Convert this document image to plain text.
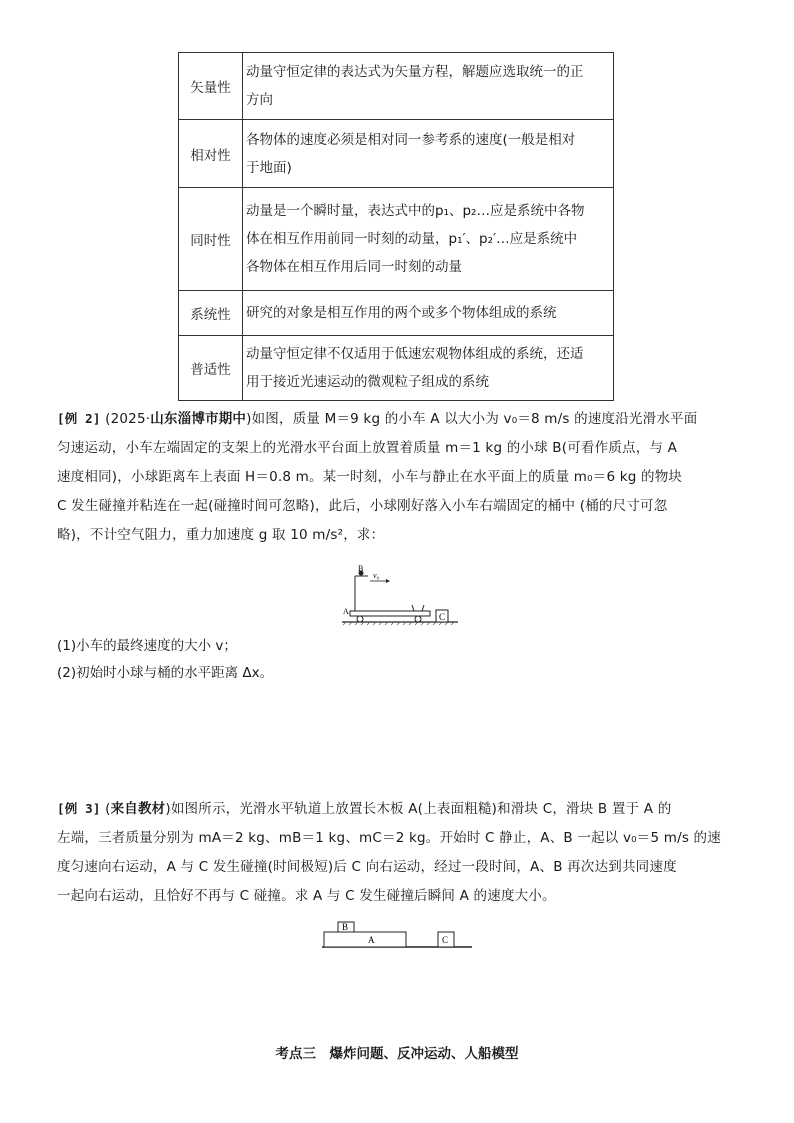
矢量性	动量守恒定律的表达式为矢量方程，解题应选取统一的正
方向

相对性	各物体的速度必须是相对同一参考系的速度(一般是相对
于地面)

同时性	动量是一个瞬时量，表达式中的p₁、p₂…应是系统中各物
体在相互作用前同一时刻的动量，p₁′、p₂′…应是系统中
各物体在相互作用后同一时刻的动量

系统性	研究的对象是相互作用的两个或多个物体组成的系统

普适性	动量守恒定律不仅适用于低速宏观物体组成的系统，还适
用于接近光速运动的微观粒子组成的系统
[例 2] (2025·山东淄博市期中)如图，质量 M＝9 kg 的小车 A 以大小为 v₀＝8 m/s 的速度沿光滑水平面
匀速运动，小车左端固定的支架上的光滑水平台面上放置着质量 m＝1 kg 的小球 B(可看作质点，与 A
速度相同)，小球距离车上表面 H＝0.8 m。某一时刻，小车与静止在水平面上的质量 m₀＝6 kg 的物块
C 发生碰撞并粘连在一起(碰撞时间可忽略)，此后，小球刚好落入小车右端固定的桶中 (桶的尺寸可忽
略)，不计空气阻力，重力加速度 g 取 10 m/s²，求：
B
v₀
A
C
(1)小车的最终速度的大小 v；
(2)初始时小球与桶的水平距离 Δx。
[例 3] (来自教材)如图所示，光滑水平轨道上放置长木板 A(上表面粗糙)和滑块 C，滑块 B 置于 A 的
左端，三者质量分别为 mA＝2 kg、mB＝1 kg、mC＝2 kg。开始时 C 静止，A、B 一起以 v₀＝5 m/s 的速
度匀速向右运动，A 与 C 发生碰撞(时间极短)后 C 向右运动，经过一段时间，A、B 再次达到共同速度
一起向右运动，且恰好不再与 C 碰撞。求 A 与 C 发生碰撞后瞬间 A 的速度大小。
B
A	C
考点三　爆炸问题、反冲运动、人船模型
